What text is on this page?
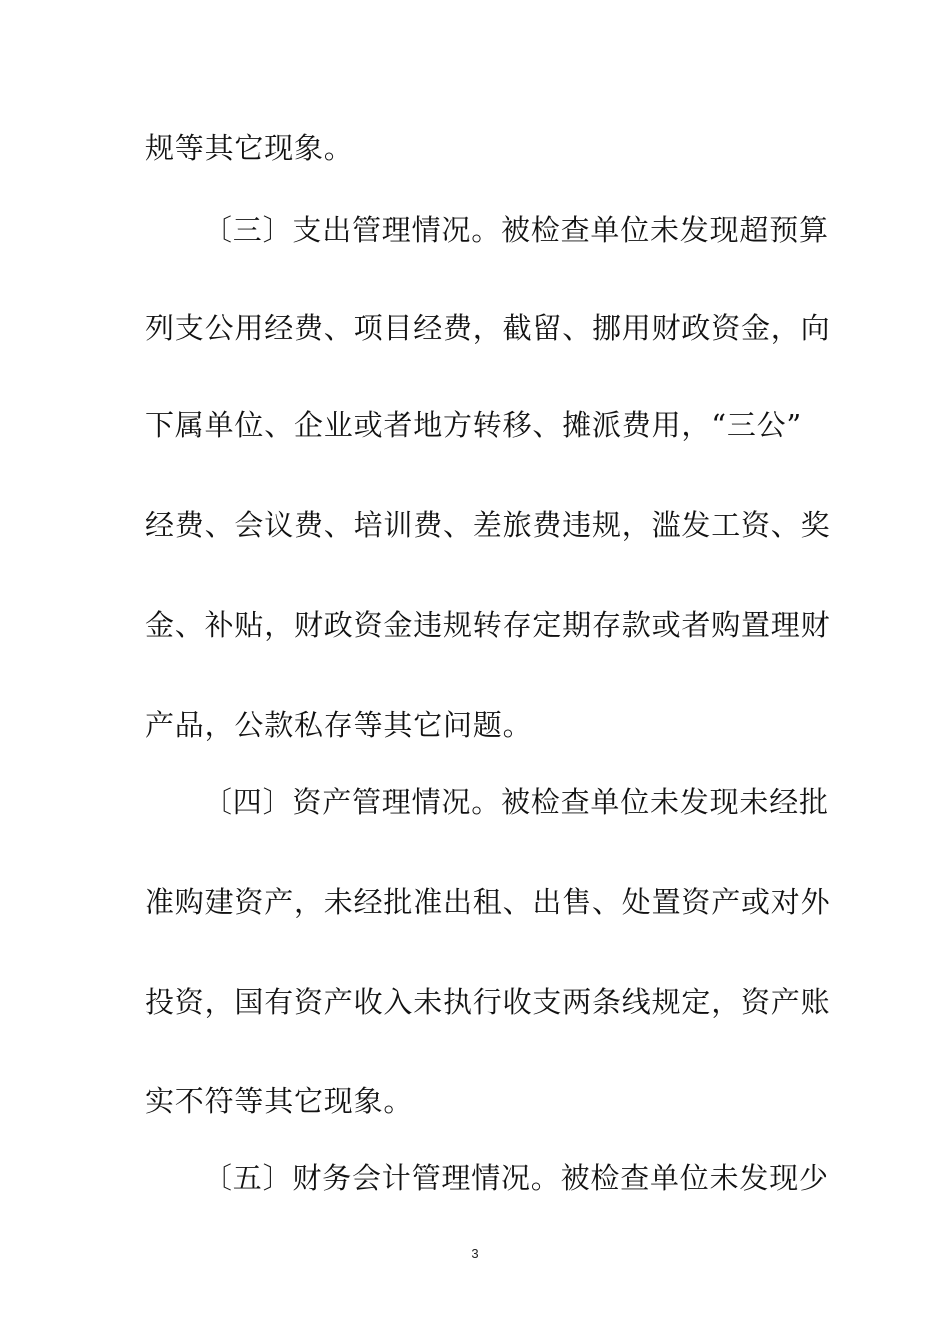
规等其它现象。
〔三〕支出管理情况。被检查单位未发现超预算
列支公用经费、项目经费，截留、挪用财政资金，向
下属单位、企业或者地方转移、摊派费用，“三公”
经费、会议费、培训费、差旅费违规，滥发工资、奖
金、补贴，财政资金违规转存定期存款或者购置理财
产品，公款私存等其它问题。
〔四〕资产管理情况。被检查单位未发现未经批
准购建资产，未经批准出租、出售、处置资产或对外
投资，国有资产收入未执行收支两条线规定，资产账
实不符等其它现象。
〔五〕财务会计管理情况。被检查单位未发现少
3
